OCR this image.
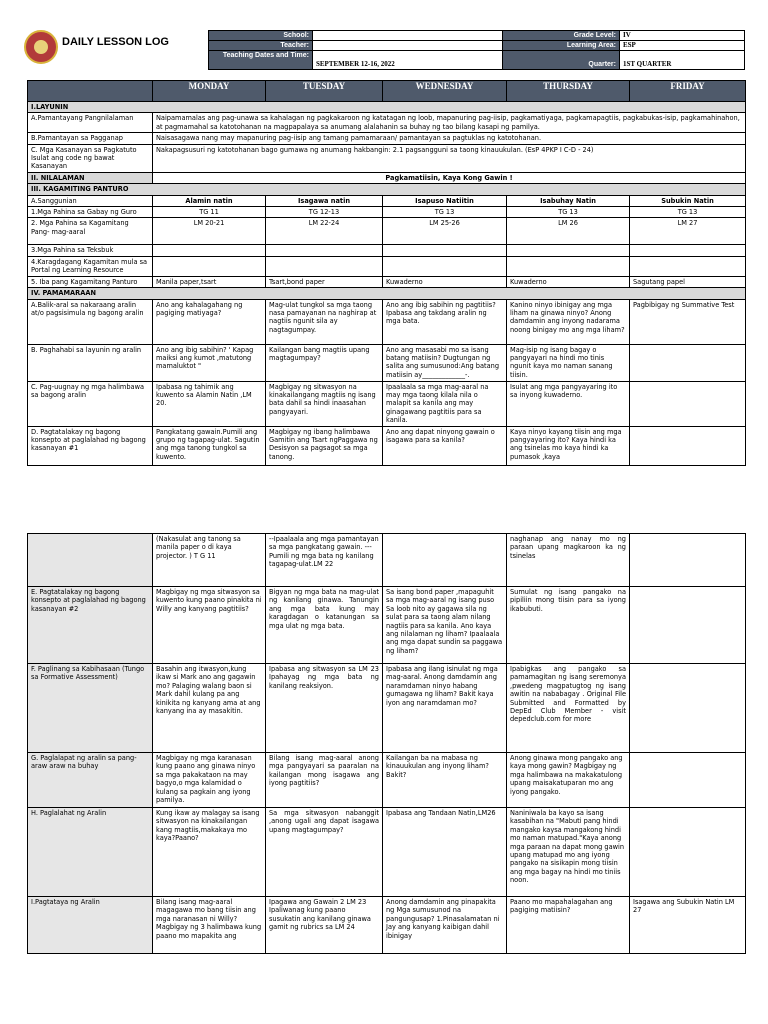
DAILY LESSON LOG
School:		Grade Level:	IV
Teacher:		Learning Area:	ESP
Teaching Dates and Time:	SEPTEMBER 12-16, 2022	Quarter:	1ST QUARTER
	MONDAY	TUESDAY	WEDNESDAY	THURSDAY	FRIDAY
I.LAYUNIN					
A.Pamantayang Pangnilalaman	Naipamamalas ang pag-unawa sa kahalagan ng pagkakaroon ng katatagan ng loob, mapanuring pag-iisip, pagkamatiyaga, pagkamapagtiis, pagkabukas-isip, pagkamahinahon, at pagmamahal sa katotohanan na magpapalaya sa anumang alalahanin sa buhay ng tao bilang kasapi ng pamilya.				
B.Pamantayan sa Pagganap	Naisasagawa nang may mapanuring pag-iisip ang tamang pamamaraan/ pamantayan sa pagtuklas ng katotohanan.				
C. Mga Kasanayan sa Pagkatuto Isulat ang code ng bawat Kasanayan	Nakapagsusuri ng katotohanan bago gumawa ng anumang hakbangin: 2.1 pagsangguni sa taong kinauukulan. (EsP 4PKP I C-D - 24)				
II. NILALAMAN	Pagkamatiisin, Kaya Kong Gawin !				
III. KAGAMITING PANTURO					
A.Sanggunian	Alamin natin	Isagawa natin	Isapuso Natiitin	Isabuhay Natin	Subukin Natin
1.Mga Pahina sa Gabay ng Guro	TG 11	TG 12-13	TG 13	TG 13	TG 13
2. Mga Pahina sa Kagamitang Pang- mag-aaral	LM 20-21	LM 22-24	LM 25-26	LM 26	LM 27
3.Mga Pahina sa Teksbuk					
4.Karagdagang Kagamitan mula sa Portal ng Learning Resource					
5. Iba pang Kagamitang Panturo	Manila paper,tsart	Tsart,bond paper	Kuwaderno	Kuwaderno	Sagutang papel
IV. PAMAMARAAN					
A.Balik-aral sa nakaraang aralin at/o pagsisimula ng bagong aralin	Ano ang kahalagahang ng pagiging matiyaga?	Mag-ulat tungkol sa mga taong nasa pamayanan na naghirap at nagtiis ngunit sila ay nagtagumpay.	Ano ang ibig sabihin ng pagtitiis? Ipabasa ang takdang aralin ng mga bata.	Kanino ninyo ibinigay ang mga liham na ginawa ninyo? Anong damdamin ang inyong nadarama noong binigay mo ang mga liham?	Pagbibigay ng Summative Test
B. Paghahabi sa layunin ng aralin	Ano ang ibig sabihin? ' Kapag maiksi ang kumot ,matutong mamaluktot "	Kailangan bang magtiis upang magtagumpay?	Ano ang masasabi mo sa isang batang matiisin? Dugtungan ng salita ang sumusunod:Ang batang matiisin ay_____________-.	Mag-isip ng isang bagay o pangyayari na hindi mo tinis ngunit kaya mo naman sanang tiisin.	
C. Pag-uugnay ng mga halimbawa sa bagong aralin	Ipabasa ng tahimik ang kuwento sa Alamin Natin ,LM 20.	Magbigay ng sitwasyon na kinakailangang magtiis ng isang bata dahil sa hindi inaasahan pangyayari.	Ipaalaala sa mga mag-aaral na may mga taong kilala nila o malapit sa kanila ang may ginagawang pagtitiis para sa kanila.	Isulat ang mga pangyayaring ito sa inyong kuwaderno.	
D. Pagtatalakay ng bagong konsepto at paglalahad ng bagong kasanayan #1	Pangkatang gawain.Pumili ang grupo ng tagapag-ulat. Sagutin ang mga tanong tungkol sa kuwento.	Magbigay ng ibang halimbawa Gamitin ang Tsart ngPaggawa ng Desisyon sa pagsagot sa mga tanong.	Ano ang dapat ninyong gawain o isagawa para sa kanila?	Kaya ninyo kayang tiisin ang mga pangyayaring ito? Kaya hindi ka ang tsinelas mo kaya hindi ka pumasok ,kaya	
	(Nakasulat ang tanong sa manila paper o di kaya projector. ) T G 11	--Ipaalaala ang mga pamantayan sa mga pangkatang gawain. ---Pumili ng mga bata ng kanilang tagapag-ulat.LM 22		naghanap ang nanay mo ng paraan upang magkaroon ka ng tsinelas	
E. Pagtatalakay ng bagong konsepto at paglalahad ng bagong kasanayan #2	Magbigay ng mga sitwasyon sa kuwento kung paano pinakita ni Willy ang kanyang pagtitiis?	Bigyan ng mga bata na mag-ulat ng kanilang ginawa. Tanungin ang mga bata kung may karagdagan o katanungan sa mga ulat ng mga bata.	Sa isang bond paper ,mapaguhit sa mga mag-aaral ng isang puso Sa loob nito ay gagawa sila ng sulat para sa taong alam nilang nagtiis para sa kanila. Ano kaya ang nilalaman ng liham? Ipaalaala ang mga dapat sundin sa paggawa ng liham?	Sumulat ng isang pangako na pipiliin mong tiisin para sa iyong ikabubuti.	
F. Paglinang sa Kabihasaan (Tungo sa Formative Assessment)	Basahin ang itwasyon,kung ikaw si Mark ano ang gagawin mo? Palaging walang baon si Mark dahil kulang pa ang kinikita ng kanyang ama at ang kanyang ina ay masakitin.	Ipabasa ang sitwasyon sa LM 23 Ipahayag ng mga bata ng kanilang reaksiyon.	Ipabasa ang ilang isinulat ng mga mag-aaral. Anong damdamin ang naramdaman ninyo habang gumagawa ng liham? Bakit kaya iyon ang naramdaman mo?	Ipabigkas ang pangako sa pamamagitan ng isang seremonya ,pwedeng magpatugtog ng isang awitin na nababagay . Original File Submitted and Formatted by DepEd Club Member - visit depedclub.com for more	
G. Paglalapat ng aralin sa pang-araw araw na buhay	Magbigay ng mga karanasan kung paano ang ginawa ninyo sa mga pakakataon na may bagyo,o mga kalamidad o kulang sa pagkain ang iyong pamilya.	Bilang isang mag-aaral anong mga pangyayari sa paaralan na kailangan mong isagawa ang iyong pagtitiis?	Kailangan ba na mabasa ng kinauukulan ang inyong liham? Bakit?	Anong ginawa mong pangako ang kaya mong gawin? Magbigay ng mga halimbawa na makakatulong upang maisakatuparan mo ang iyong pangako.	
H. Paglalahat ng Aralin	Kung ikaw ay malagay sa isang sitwasyon na kinakailangan kang magtiis,makakaya mo kaya?Paano?	Sa mga sitwasyon nabanggit ,anong ugali ang dapat isagawa upang magtagumpay?	Ipabasa ang Tandaan Natin,LM26	Naniniwala ba kayo sa isang kasabihan na "Mabuti pang hindi mangako kaysa mangakong hindi mo naman matupad."Kaya anong mga paraan na dapat mong gawin upang matupad mo ang iyong pangako na sisikapin mong tiisin ang mga bagay na hindi mo tiniis noon.	
I.Pagtataya ng Aralin	Bilang isang mag-aaral magagawa mo bang tiisin ang mga naranasan ni Willy? Magbigay ng 3 halimbawa kung paano mo mapakita ang	Ipagawa ang Gawain 2 LM 23 Ipaliwanag kung paano susukatin ang kanilang ginawa gamit ng rubrics sa LM 24	Anong damdamin ang pinapakita ng Mga sumusunod na pangungusap? 1.Pinasalamatan ni Jay ang kanyang kaibigan dahil ibinigay	Paano mo mapahalagahan ang pagiging matiisin?	Isagawa ang Subukin Natin LM 27
